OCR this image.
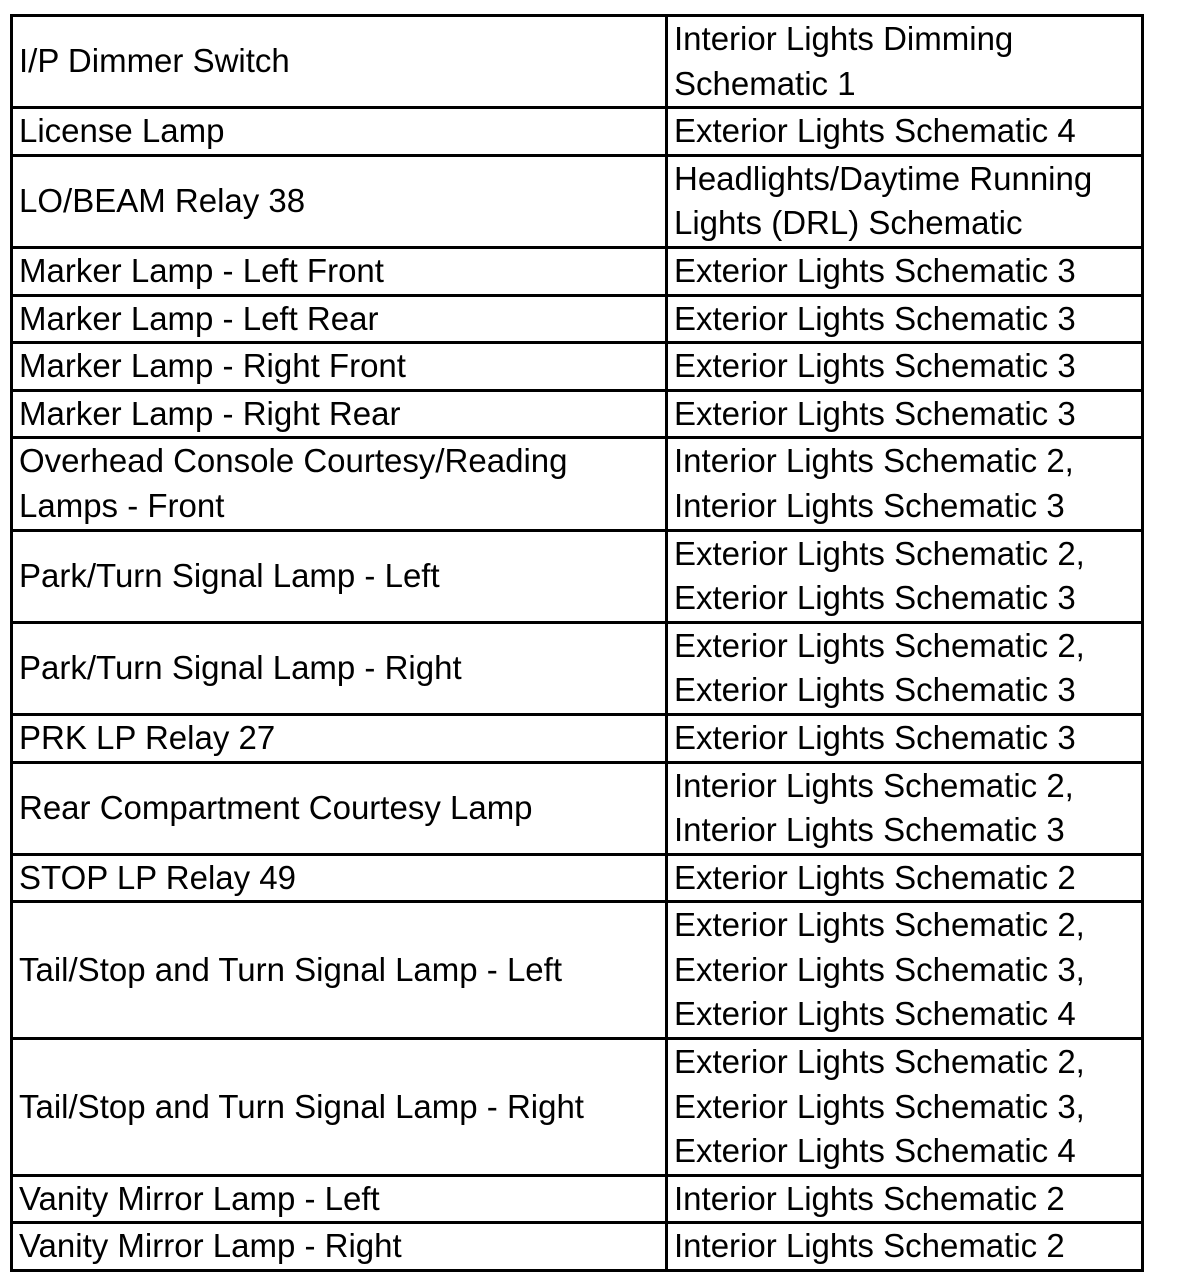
I/P Dimmer Switch	Interior Lights Dimming
Schematic 1

License Lamp	Exterior Lights Schematic 4

LO/BEAM Relay 38	Headlights/Daytime Running
Lights (DRL) Schematic

Marker Lamp - Left Front	Exterior Lights Schematic 3

Marker Lamp - Left Rear	Exterior Lights Schematic 3

Marker Lamp - Right Front	Exterior Lights Schematic 3

Marker Lamp - Right Rear	Exterior Lights Schematic 3

Overhead Console Courtesy/Reading
Lamps - Front	Interior Lights Schematic 2,
Interior Lights Schematic 3

Park/Turn Signal Lamp - Left	Exterior Lights Schematic 2,
Exterior Lights Schematic 3

Park/Turn Signal Lamp - Right	Exterior Lights Schematic 2,
Exterior Lights Schematic 3

PRK LP Relay 27	Exterior Lights Schematic 3

Rear Compartment Courtesy Lamp	Interior Lights Schematic 2,
Interior Lights Schematic 3

STOP LP Relay 49	Exterior Lights Schematic 2

Tail/Stop and Turn Signal Lamp - Left	Exterior Lights Schematic 2,
Exterior Lights Schematic 3,
Exterior Lights Schematic 4

Tail/Stop and Turn Signal Lamp - Right	Exterior Lights Schematic 2,
Exterior Lights Schematic 3,
Exterior Lights Schematic 4

Vanity Mirror Lamp - Left	Interior Lights Schematic 2

Vanity Mirror Lamp - Right	Interior Lights Schematic 2
